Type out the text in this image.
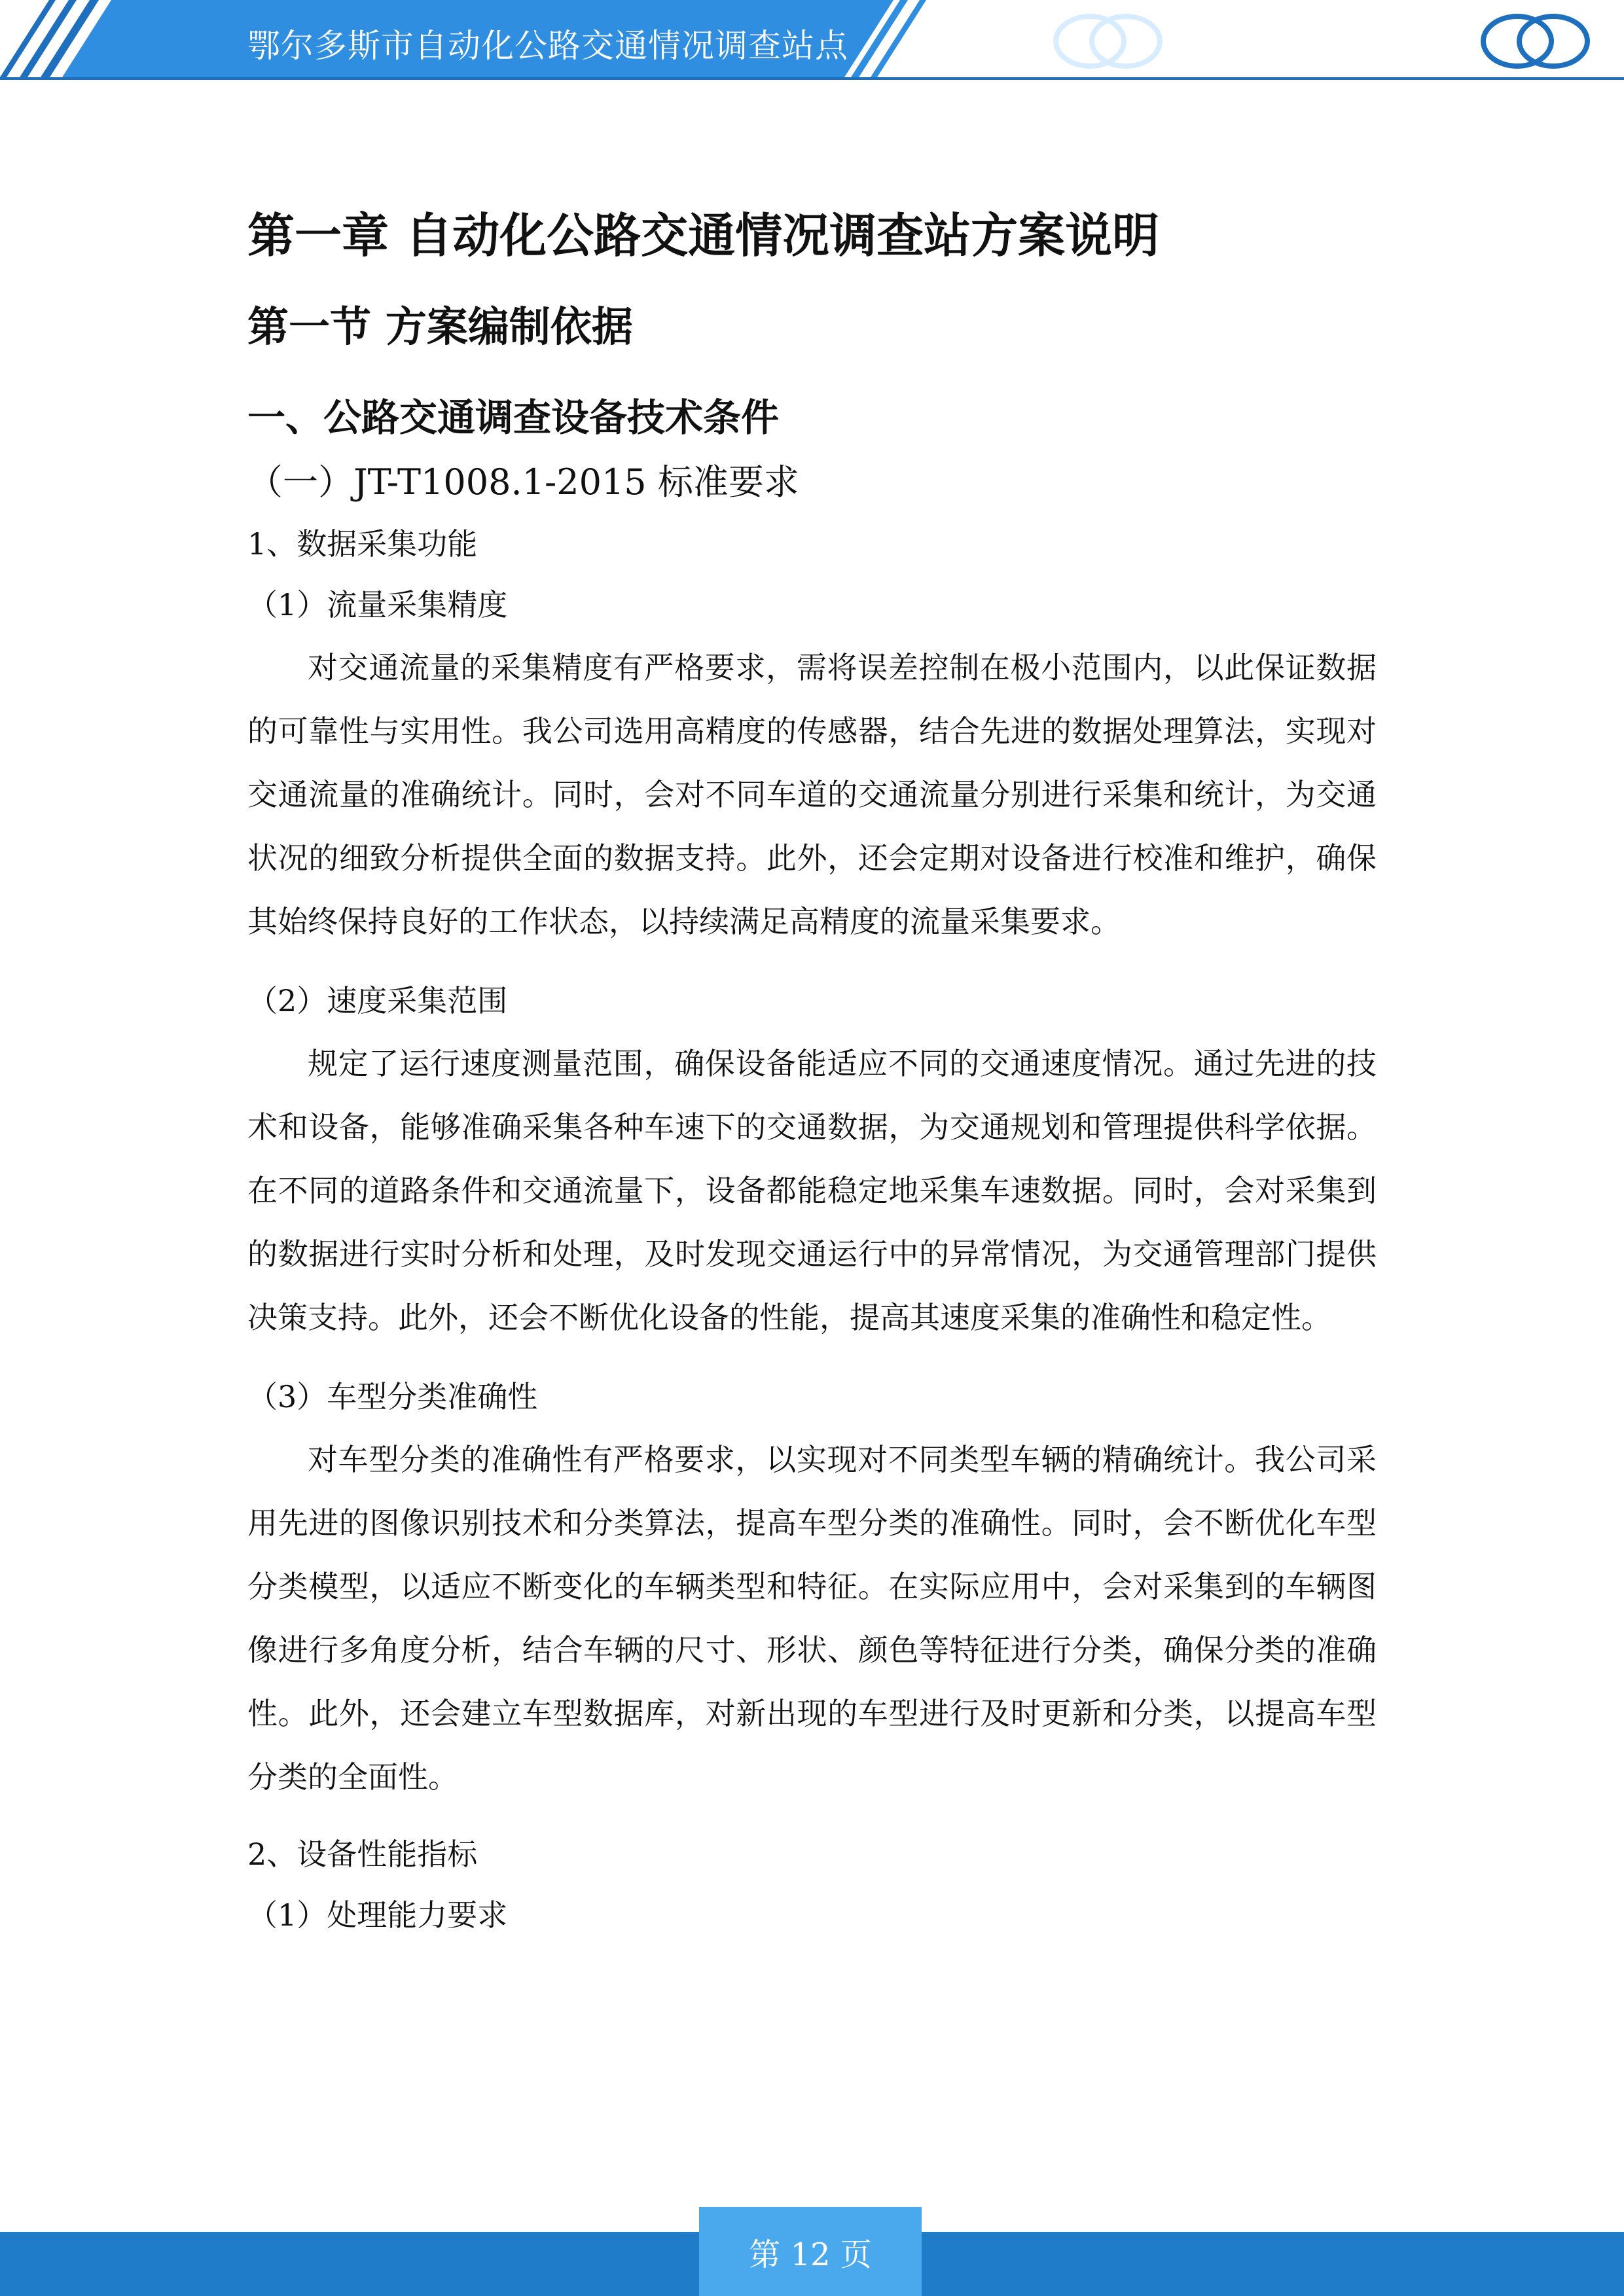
鄂尔多斯市自动化公路交通情况调查站点
第一章 自动化公路交通情况调查站方案说明
第一节 方案编制依据
一、公路交通调查设备技术条件
（一）JT-T1008.1-2015 标准要求
1、数据采集功能
（1）流量采集精度

对交通流量的采集精度有严格要求，需将误差控制在极小范围内，以此保证数据的可靠性与实用性。我公司选用高精度的传感器，结合先进的数据处理算法，实现对交通流量的准确统计。同时，会对不同车道的交通流量分别进行采集和统计，为交通状况的细致分析提供全面的数据支持。此外，还会定期对设备进行校准和维护，确保其始终保持良好的工作状态，以持续满足高精度的流量采集要求。

（2）速度采集范围

规定了运行速度测量范围，确保设备能适应不同的交通速度情况。通过先进的技术和设备，能够准确采集各种车速下的交通数据，为交通规划和管理提供科学依据。在不同的道路条件和交通流量下，设备都能稳定地采集车速数据。同时，会对采集到的数据进行实时分析和处理，及时发现交通运行中的异常情况，为交通管理部门提供决策支持。此外，还会不断优化设备的性能，提高其速度采集的准确性和稳定性。

（3）车型分类准确性

对车型分类的准确性有严格要求，以实现对不同类型车辆的精确统计。我公司采用先进的图像识别技术和分类算法，提高车型分类的准确性。同时，会不断优化车型分类模型，以适应不断变化的车辆类型和特征。在实际应用中，会对采集到的车辆图像进行多角度分析，结合车辆的尺寸、形状、颜色等特征进行分类，确保分类的准确性。此外，还会建立车型数据库，对新出现的车型进行及时更新和分类，以提高车型分类的全面性。

2、设备性能指标
（1）处理能力要求
第 12 页
